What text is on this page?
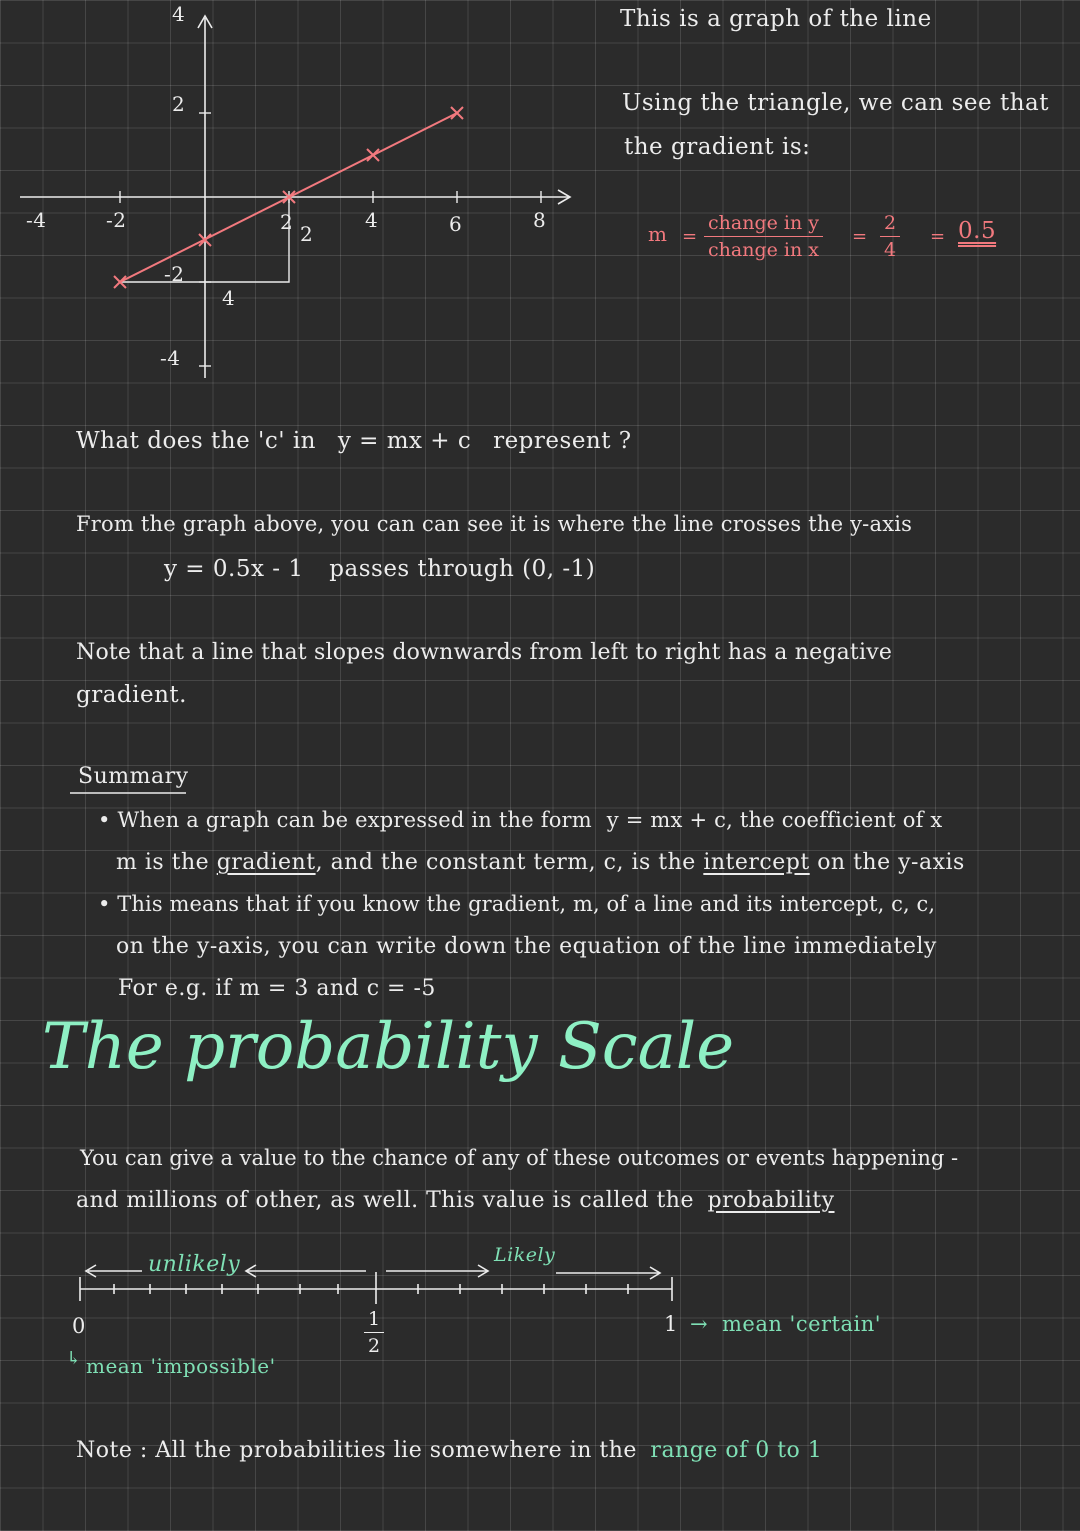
4
2
-2
-4
-4	-2	2	4	6	8
2
4
This is a graph of the line
Using the triangle, we can see that
the gradient is:
m =
change in y
change in x
= $\frac{2}{4} = 0.5$
What does the 'c' in y = mx + c represent ?
From the graph above, you can can see it is where the line crosses the y-axis
y = 0.5x - 1 passes through (0, -1)
Note that a line that slopes downwards from left to right has a negative
gradient.
Summary
• When a graph can be expressed in the form y = mx + c, the coefficient of x
m is the gradient, and the constant term, c, is the intercept on the y-axis
• This means that if you know the gradient, m, of a line and its intercept, c, c,
on the y-axis, you can write down the equation of the line immediately
For e.g. if m = 3 and c = -5
The probability Scale
You can give a value to the chance of any of these outcomes or events happening -
and millions of other, as well. This value is called the probability
unlikely	Likely
0	$\frac{1}{2}$	1 → mean 'certain'
↳ mean 'impossible'
Note : All the probabilities lie somewhere in the range of 0 to 1
